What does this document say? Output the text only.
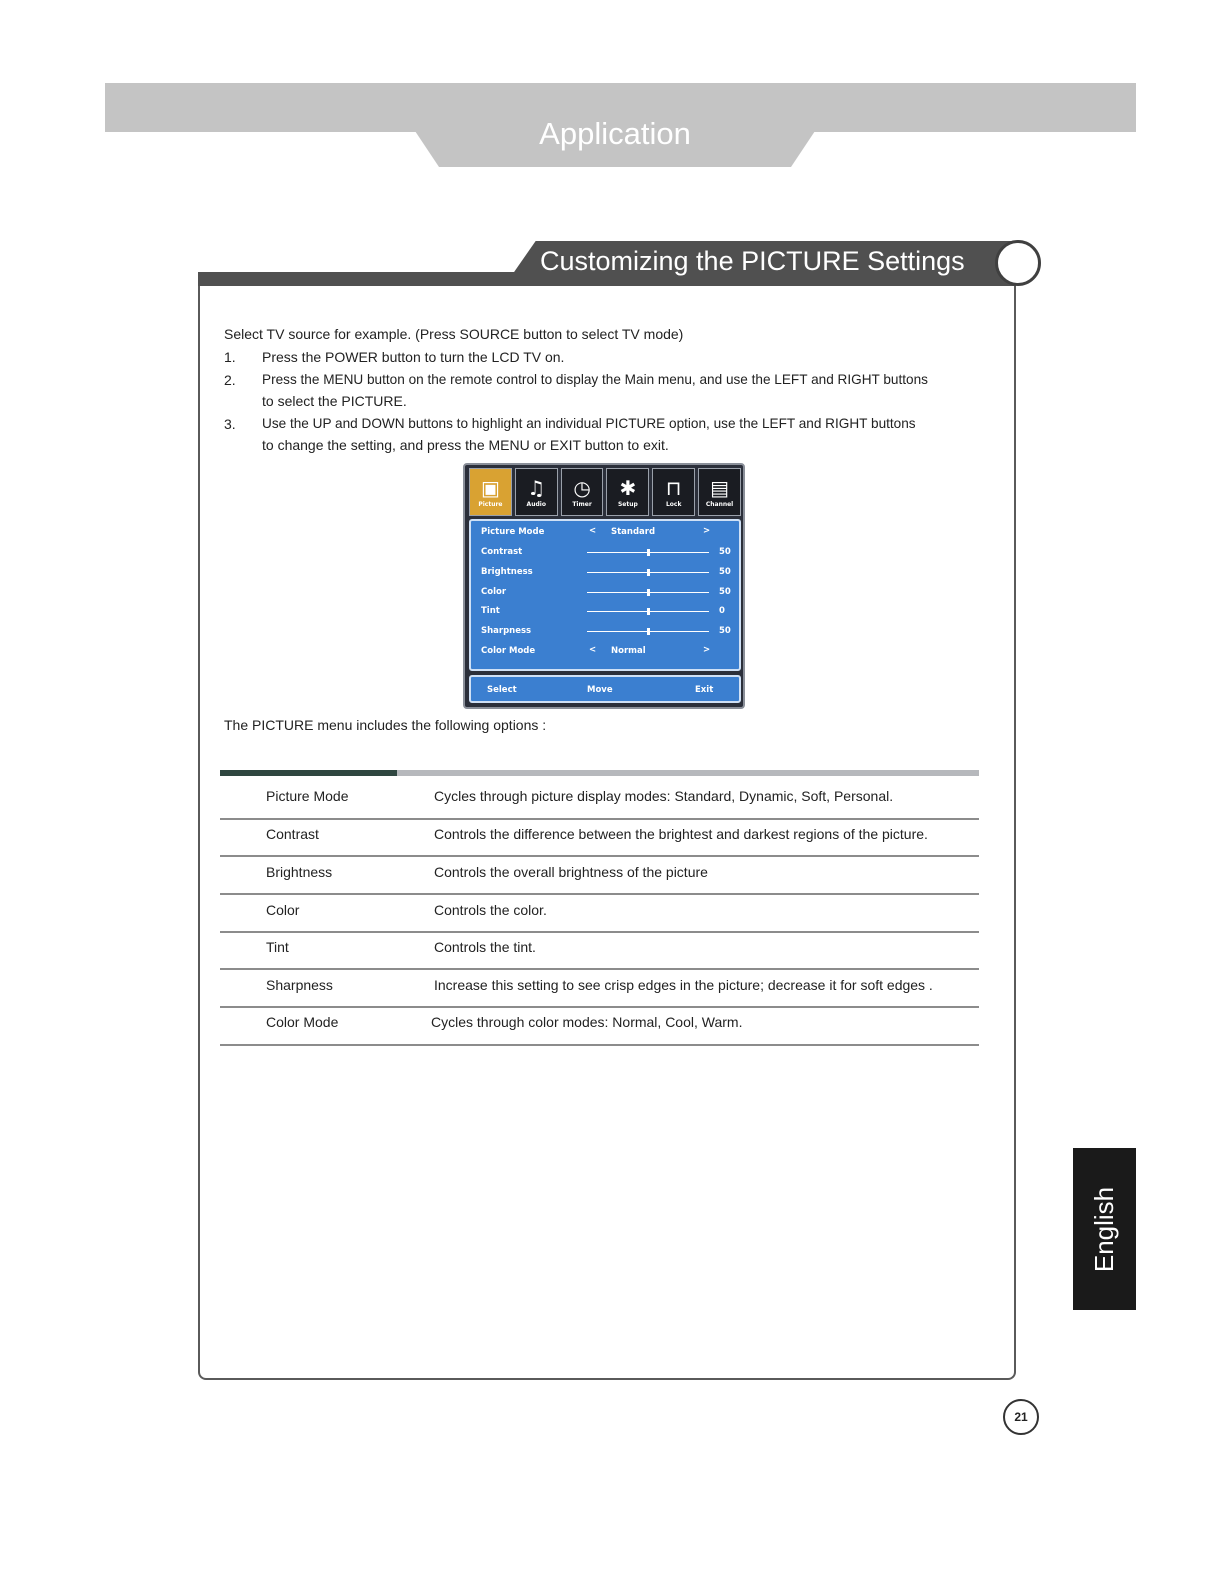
Application
Customizing the PICTURE Settings
Select TV source for example. (Press SOURCE button to select TV mode)
1. Press the POWER button to turn the LCD TV on.
2. Press the MENU button on the remote control to display the Main menu, and use the LEFT and RIGHT buttons
to select the PICTURE.
3. Use the UP and DOWN buttons to highlight an individual PICTURE option, use the LEFT and RIGHT buttons
to change the setting, and press the MENU or EXIT button to exit.
▣
Picture
♫
Audio
◷
Timer
✱
Setup
⊓
Lock
▤
Channel
Picture Mode	< Standard	>
Contrast	50
Brightness	50
Color	50
Tint	0
Sharpness	50
Color Mode	< Normal	>
Select	Move	Exit
The PICTURE menu includes the following options :
Picture Mode	Cycles through picture display modes: Standard, Dynamic, Soft, Personal.
Contrast	Controls the difference between the brightest and darkest regions of the picture.
Brightness	Controls the overall brightness of the picture
Color	Controls the color.
Tint	Controls the tint.
Sharpness	Increase this setting to see crisp edges in the picture; decrease it for soft edges .
Color Mode	Cycles through color modes: Normal, Cool, Warm.
English
21
